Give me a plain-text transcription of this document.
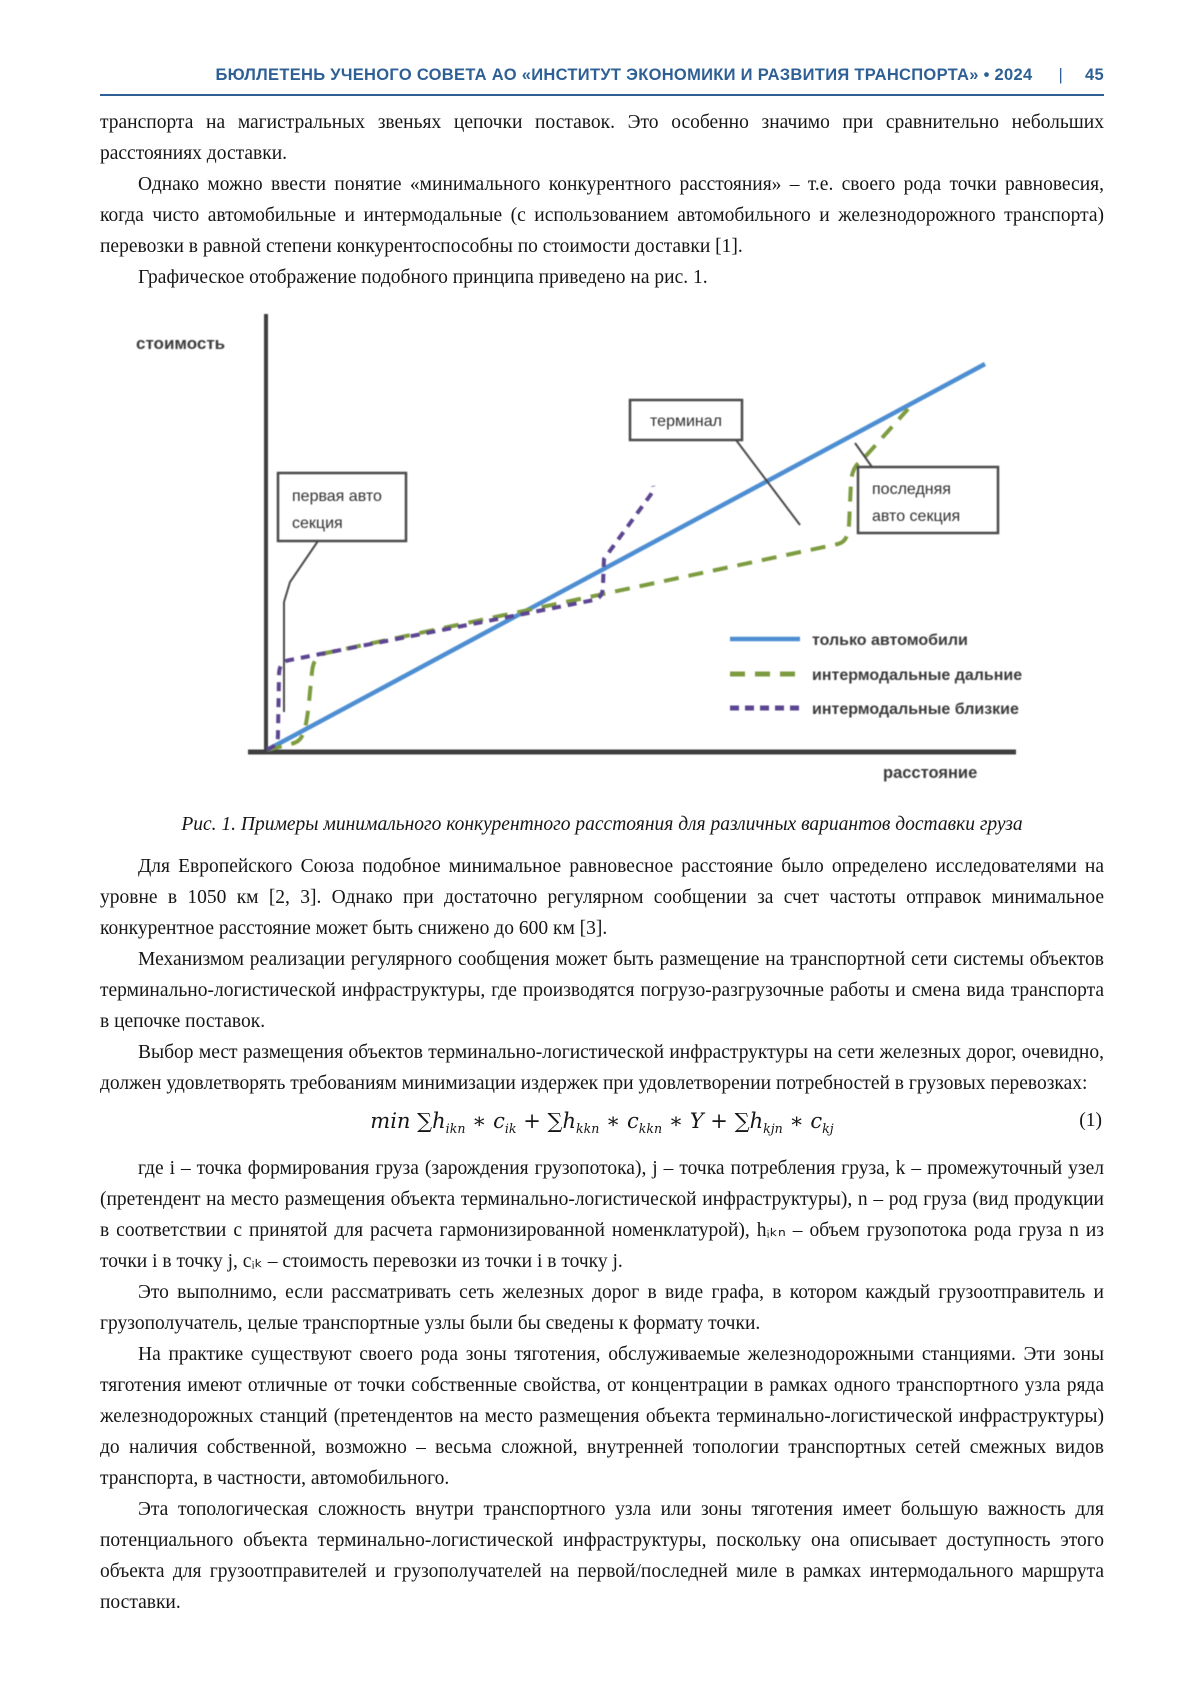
БЮЛЛЕТЕНЬ УЧЕНОГО СОВЕТА АО «ИНСТИТУТ ЭКОНОМИКИ И РАЗВИТИЯ ТРАНСПОРТА» • 2024 | 45

транспорта на магистральных звеньях цепочки поставок. Это особенно значимо при сравнительно небольших расстояниях доставки.

Однако можно ввести понятие «минимального конкурентного расстояния» – т.е. своего рода точки равновесия, когда чисто автомобильные и интермодальные (с использованием автомобильного и железнодорожного транспорта) перевозки в равной степени конкурентоспособны по стоимости доставки [1].

Графическое отображение подобного принципа приведено на рис. 1.

стоимость
расстояние
первая авто
секция
терминал
последняя
авто секция
только автомобили
интермодальные дальние
интермодальные близкие
Рис. 1. Примеры минимального конкурентного расстояния для различных вариантов доставки груза

Для Европейского Союза подобное минимальное равновесное расстояние было определено исследователями на уровне в 1050 км [2, 3]. Однако при достаточно регулярном сообщении за счет частоты отправок минимальное конкурентное расстояние может быть снижено до 600 км [3].

Механизмом реализации регулярного сообщения может быть размещение на транспортной сети системы объектов терминально-логистической инфраструктуры, где производятся погрузо-разгрузочные работы и смена вида транспорта в цепочке поставок.

Выбор мест размещения объектов терминально-логистической инфраструктуры на сети железных дорог, очевидно, должен удовлетворять требованиям минимизации издержек при удовлетворении потребностей в грузовых перевозках:

$\min \sum h_{ikn}$ ∗ $c_{ik} + \sum h_{kkn}$ ∗ $c_{kkn}$ ∗ $Y + \sum h_{kjn}$ ∗ $c_{kj}$	(1)

где i – точка формирования груза (зарождения грузопотока), j – точка потребления груза, k – промежуточный узел (претендент на место размещения объекта терминально-логистической инфраструктуры), n – род груза (вид продукции в соответствии с принятой для расчета гармонизированной номенклатурой), hᵢₖₙ – объем грузопотока рода груза n из точки i в точку j, cᵢₖ – стоимость перевозки из точки i в точку j.

Это выполнимо, если рассматривать сеть железных дорог в виде графа, в котором каждый грузоотправитель и грузополучатель, целые транспортные узлы были бы сведены к формату точки.

На практике существуют своего рода зоны тяготения, обслуживаемые железнодорожными станциями. Эти зоны тяготения имеют отличные от точки собственные свойства, от концентрации в рамках одного транспортного узла ряда железнодорожных станций (претендентов на место размещения объекта терминально-логистической инфраструктуры) до наличия собственной, возможно – весьма сложной, внутренней топологии транспортных сетей смежных видов транспорта, в частности, автомобильного.

Эта топологическая сложность внутри транспортного узла или зоны тяготения имеет большую важность для потенциального объекта терминально-логистической инфраструктуры, поскольку она описывает доступность этого объекта для грузоотправителей и грузополучателей на первой/последней миле в рамках интермодального маршрута поставки.
